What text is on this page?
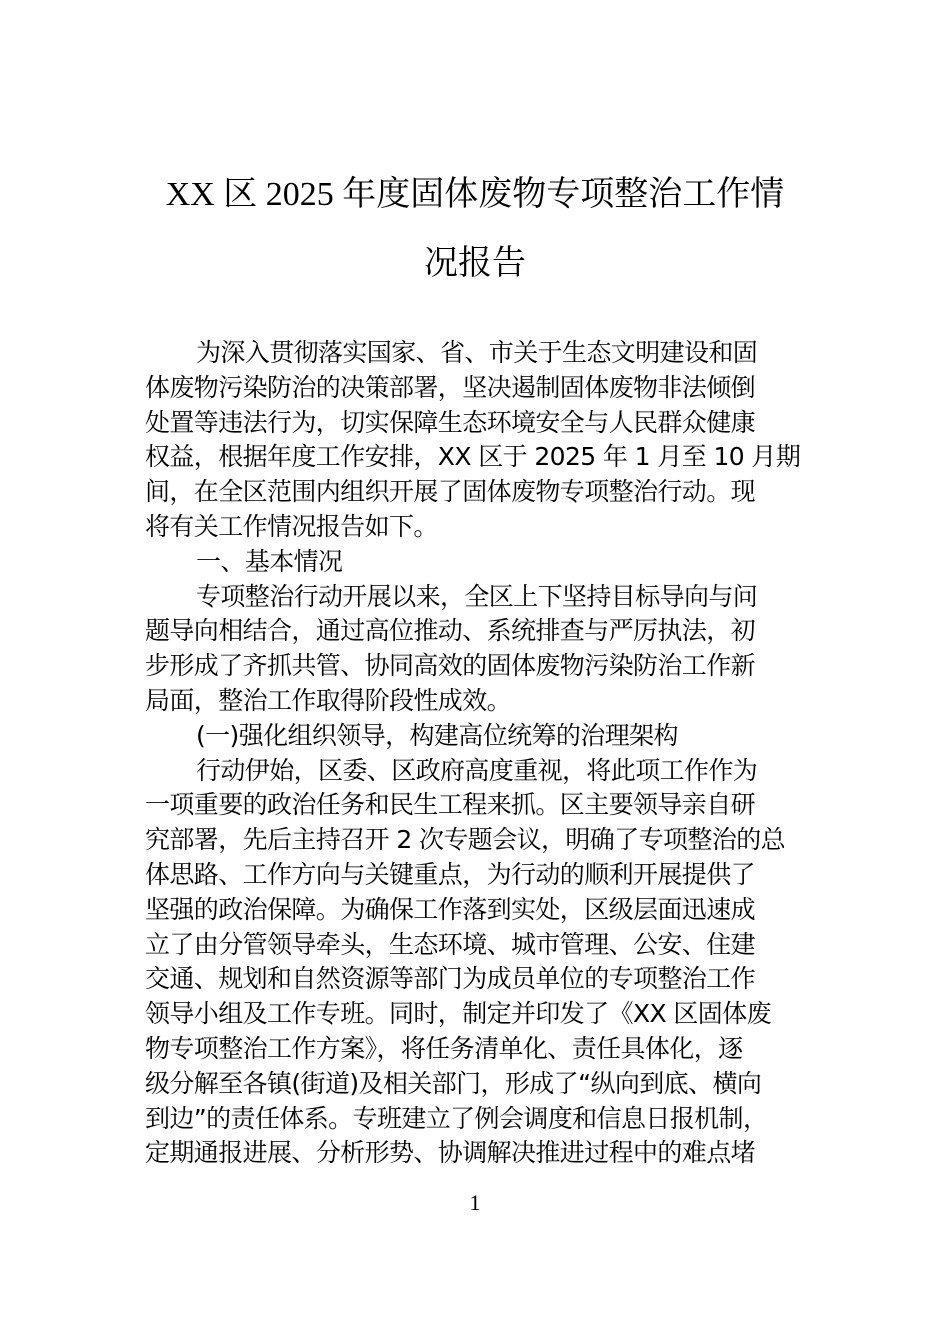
XX 区 2025 年度固体废物专项整治工作情
况报告
为深入贯彻落实国家、省、市关于生态文明建设和固
体废物污染防治的决策部署，坚决遏制固体废物非法倾倒
处置等违法行为，切实保障生态环境安全与人民群众健康
权益，根据年度工作安排，XX 区于 2025 年 1 月至 10 月期
间，在全区范围内组织开展了固体废物专项整治行动。现
将有关工作情况报告如下。
一、基本情况
专项整治行动开展以来，全区上下坚持目标导向与问
题导向相结合，通过高位推动、系统排查与严厉执法，初
步形成了齐抓共管、协同高效的固体废物污染防治工作新
局面，整治工作取得阶段性成效。
(一)强化组织领导，构建高位统筹的治理架构
行动伊始，区委、区政府高度重视，将此项工作作为
一项重要的政治任务和民生工程来抓。区主要领导亲自研
究部署，先后主持召开 2 次专题会议，明确了专项整治的总
体思路、工作方向与关键重点，为行动的顺利开展提供了
坚强的政治保障。为确保工作落到实处，区级层面迅速成
立了由分管领导牵头，生态环境、城市管理、公安、住建
交通、规划和自然资源等部门为成员单位的专项整治工作
领导小组及工作专班。同时，制定并印发了《XX 区固体废
物专项整治工作方案》，将任务清单化、责任具体化，逐
级分解至各镇(街道)及相关部门，形成了“纵向到底、横向
到边”的责任体系。专班建立了例会调度和信息日报机制，
定期通报进展、分析形势、协调解决推进过程中的难点堵
1
